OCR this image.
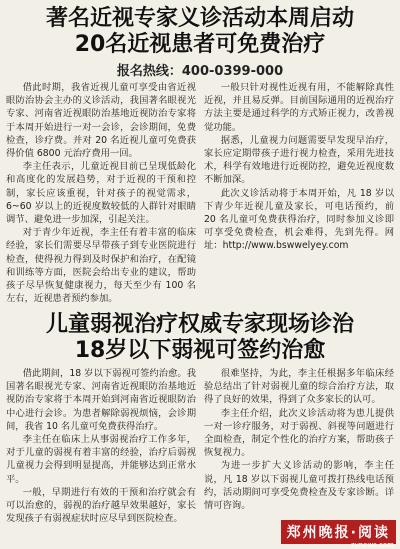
著名近视专家义诊活动本周启动
20名近视患者可免费治疗
报名热线：400-0399-000

借此时期，我省近视儿童可享受由省近视眼防治协会主办的义诊活动，我国著名眼视光专家、河南省近视眼防治基地近视防治专家将于本周开始进行一对一会诊，会诊期间，免费检查，诊疗费。并对 20 名近视儿童可免费获得价值 6800 元治疗费用一回。

李主任表示，儿童近视目前已呈现低龄化和高度化的发展趋势，对于近视的干预和控制，家长应该重视，针对孩子的视觉需求，6~60 岁以上的近视度数较低的人群针对眼睛调节、避免进一步加深，引起关注。

对于青少年近视，李主任有着丰富的临床经验，家长们需要尽早带孩子到专业医院进行检查，使得视力得到及时保护和治疗，在配镜和训练等方面，医院会给出专业的建议，帮助孩子尽早恢复健康视力，每天至少有 100 名左右，近视患者预约参加。

一般只针对视性近视有用，不能解除真性近视，并且易反弹。目前国际通用的近视治疗方法主要是通过科学的方式矫正视力，改善视觉功能。

据悉，儿童视力问题需要早发现早治疗，家长应定期带孩子进行视力检查，采用先进技术，科学有效地进行近视防控，避免近视度数不断加深。

此次义诊活动将于本周开始，凡 18 岁以下青少年近视儿童及家长，可电话预约，前 20 名儿童可免费获得治疗，同时参加义诊即可享受免费检查，机会难得，先到先得。网址：http://www.bswwelyey.com

儿童弱视治疗权威专家现场诊治
18岁以下弱视可签约治愈

借此期间，18 岁以下弱视可签约治愈。我国著名眼视光专家、河南省近视眼防治基地近视防治专家将于本周开始到河南省近视眼防治中心进行会诊。为患者解除弱视烦恼，会诊期间，我省 10 名儿童可免费获得治疗。

李主任在临床上从事弱视治疗工作多年，对于儿童的弱视有着丰富的经验，治疗后弱视儿童视力会得到明显提高，并能够达到正常水平。

一般，早期进行有效的干预和治疗就会有可以治愈的，弱视的治疗越早效果越好，家长发现孩子有弱视症状时应尽早到医院检查。

很难坚持，为此，李主任根据多年临床经验总结出了针对弱视儿童的综合治疗方法，取得了良好的效果，得到了众多家长的认可。

李主任介绍，此次义诊活动将为患儿提供一对一诊疗服务，对于弱视、斜视等问题进行全面检查，制定个性化的治疗方案，帮助孩子恢复视力。

为进一步扩大义诊活动的影响，李主任说，凡 18 岁以下弱视儿童可拨打热线电话预约，活动期间可享受免费检查及专家诊断。详情可咨询。

郑州晚报·阅读
zynews.com
